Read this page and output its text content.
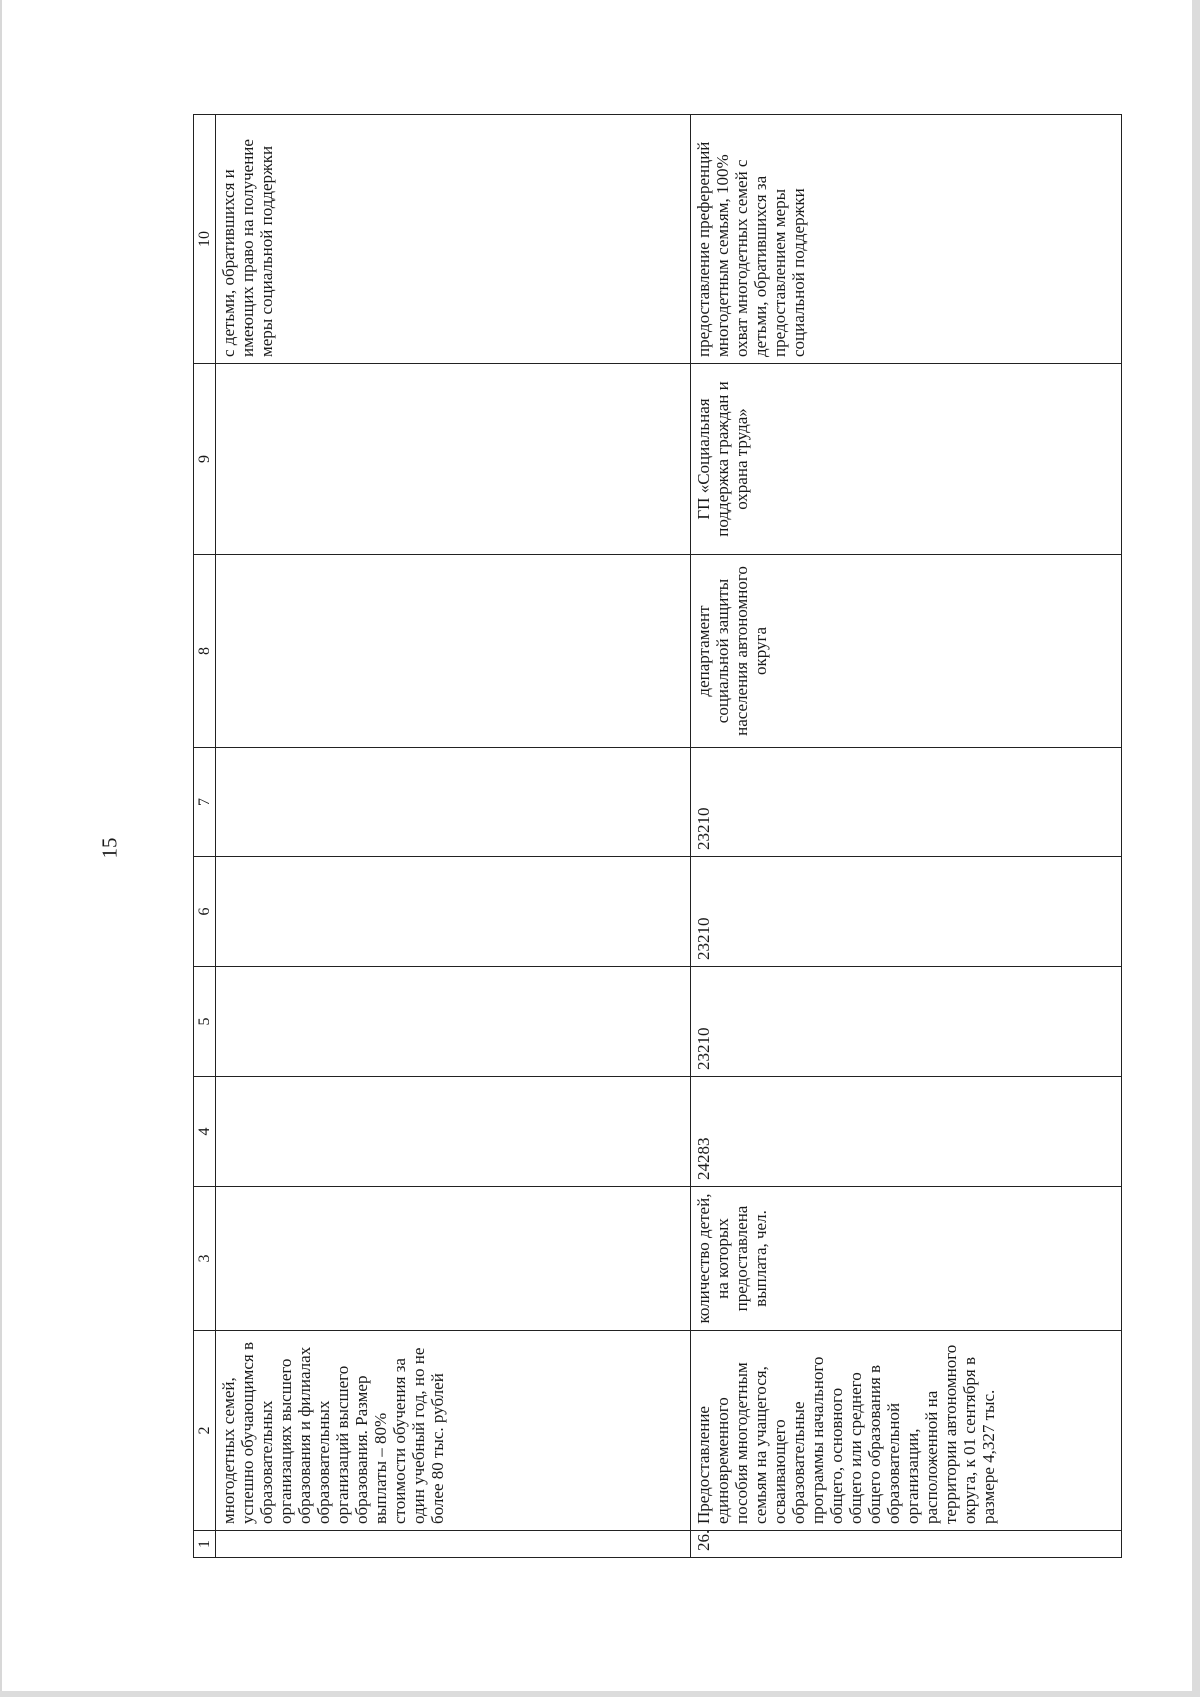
15
1	2	3	4	5	6	7	8	9	10
	многодетных семей, успешно обучающимся в образовательных организациях высшего образования и филиалах образовательных организаций высшего образования. Размер выплаты – 80% стоимости обучения за один учебный год, но не более 80 тыс. рублей								с детьми, обратившихся и имеющих право на получение меры социальной поддержки
26.	Предоставление единовременного пособия многодетным семьям на учащегося, осваивающего образовательные программы начального общего, основного общего или среднего общего образования в образовательной организации, расположенной на территории автономного округа, к 01 сентября в размере 4,327 тыс.	количество детей, на которых предоставлена выплата, чел.	24283	23210	23210	23210	департамент социальной защиты населения автономного округа	ГП «Социальная поддержка граждан и охрана труда»	предоставление преференций многодетным семьям, 100% охват многодетных семей с детьми, обратившихся за предоставлением меры социальной поддержки
